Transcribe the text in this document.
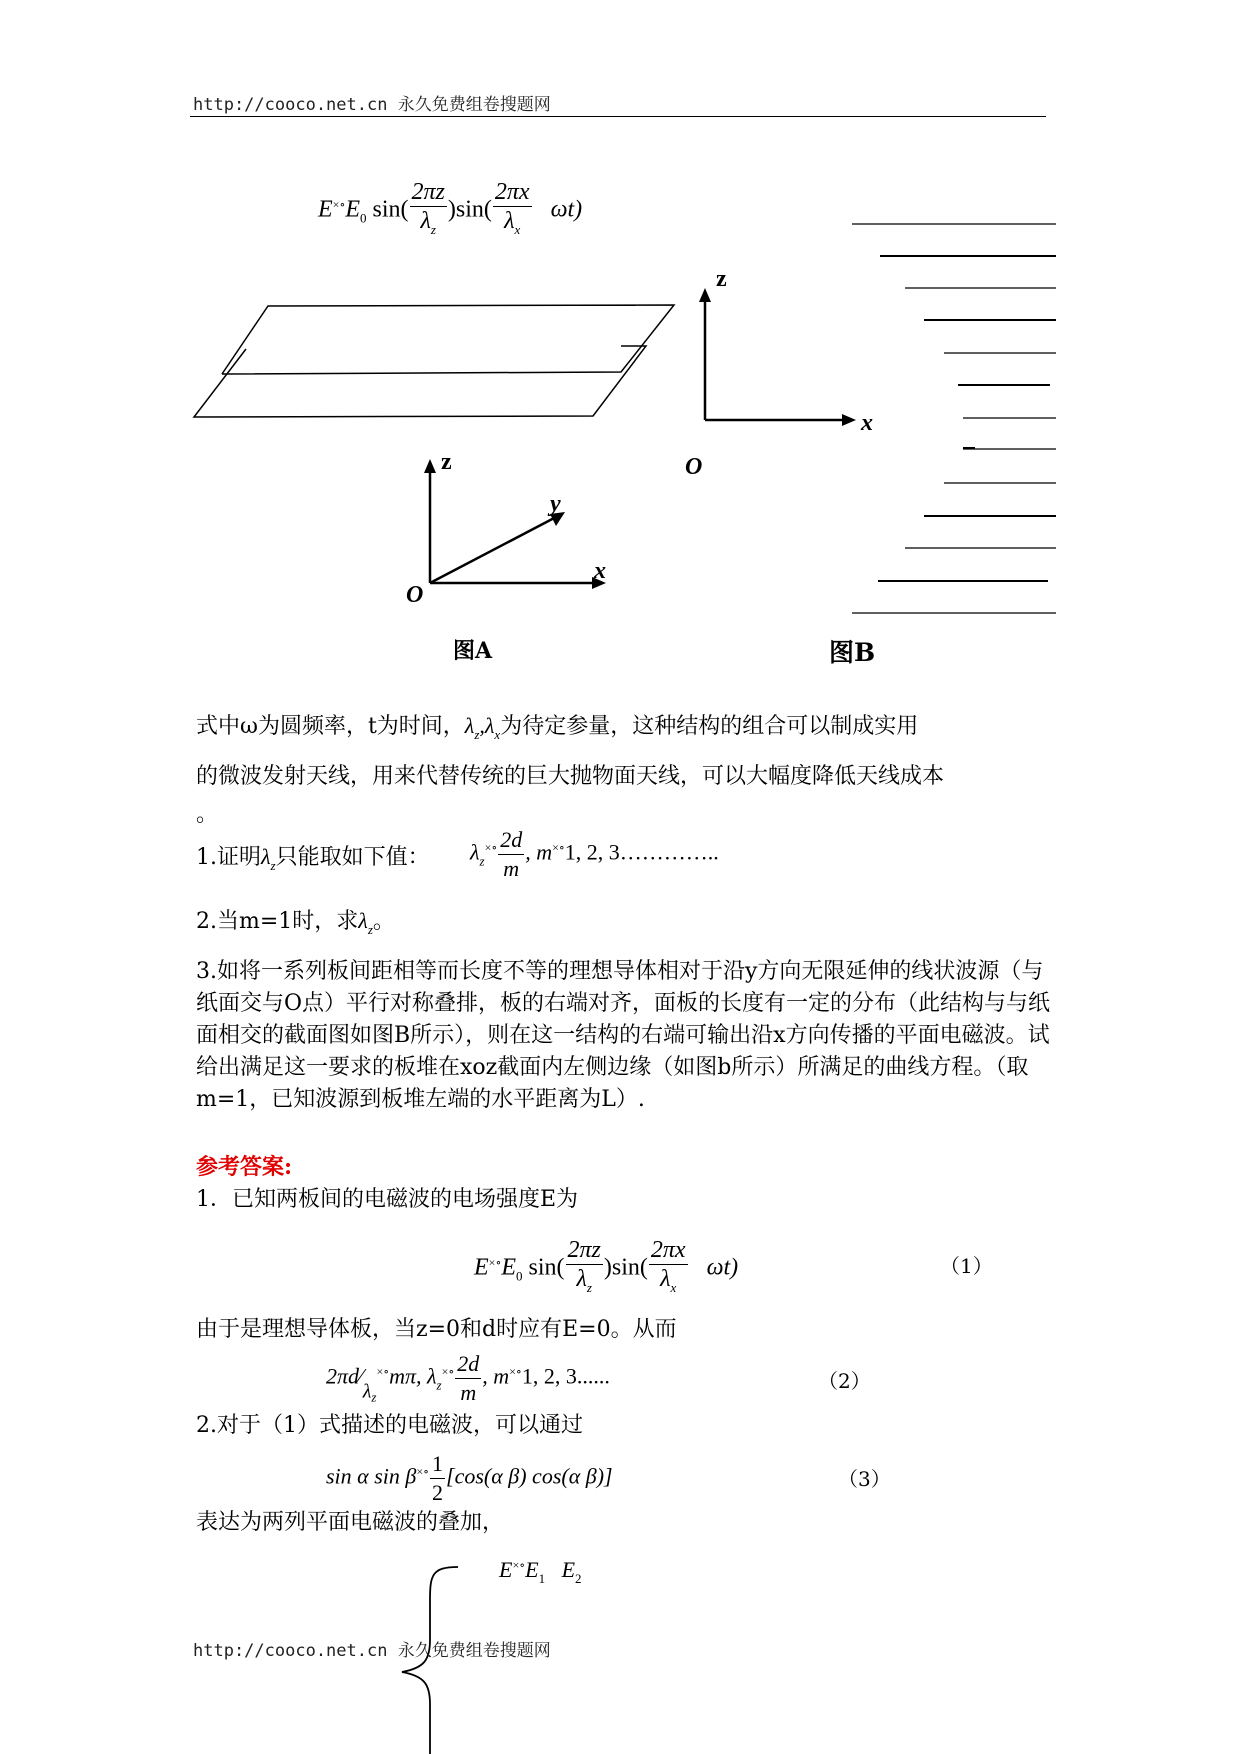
http://cooco.net.cn 永久免费组卷搜题网
$E^{\times\circ}E_0$ $\sin( \frac{2\pi z}{\lambda_z} )\sin( \frac{2\pi x}{\lambda_x} \omega t)$
z
x
O
z
y
x
O
图A	图B
式中ω为圆频率，t为时间，$\lambda_z,\lambda_x$为待定参量，这种结构的组合可以制成实用
的微波发射天线，用来代替传统的巨大抛物面天线，可以大幅度降低天线成本
。
1.证明$\lambda_z$只能取如下值： $\lambda_z^{\times\circ} \frac{2d}{m}$ , m×∘1, 2, 3…………..
2.当m=1时，求$\lambda_z$。
3.如将一系列板间距相等而长度不等的理想导体相对于沿y方向无限延伸的线状波源（与纸面交与O点）平行对称叠排，板的右端对齐，面板的长度有一定的分布（此结构与与纸面相交的截面图如图B所示），则在这一结构的右端可输出沿x方向传播的平面电磁波。试给出满足这一要求的板堆在xoz截面内左侧边缘（如图b所示）所满足的曲线方程。（取m=1，已知波源到板堆左端的水平距离为L）.
参考答案:
1．已知两板间的电磁波的电场强度E为
$E^{\times\circ}E_0$ $\sin( \frac{2\pi z}{\lambda_z} )\sin( \frac{2\pi x}{\lambda_x} \omega t)$	（1）
由于是理想导体板，当z=0和d时应有E=0。从而
$2\pi d⁄\lambda_z^{\times\circ}m\pi$, $\lambda_z^{\times\circ} \frac{2d}{m}$ , m×∘1, 2, 3......	（2）
2.对于（1）式描述的电磁波，可以通过
sin α $\sin \beta^{\times\circ} \frac{1}{2} [\cos(\alpha$ β) cos(α β)]	（3）
表达为两列平面电磁波的叠加，
$E^{\times\circ}E_1$ $E_2$
http://cooco.net.cn 永久免费组卷搜题网
